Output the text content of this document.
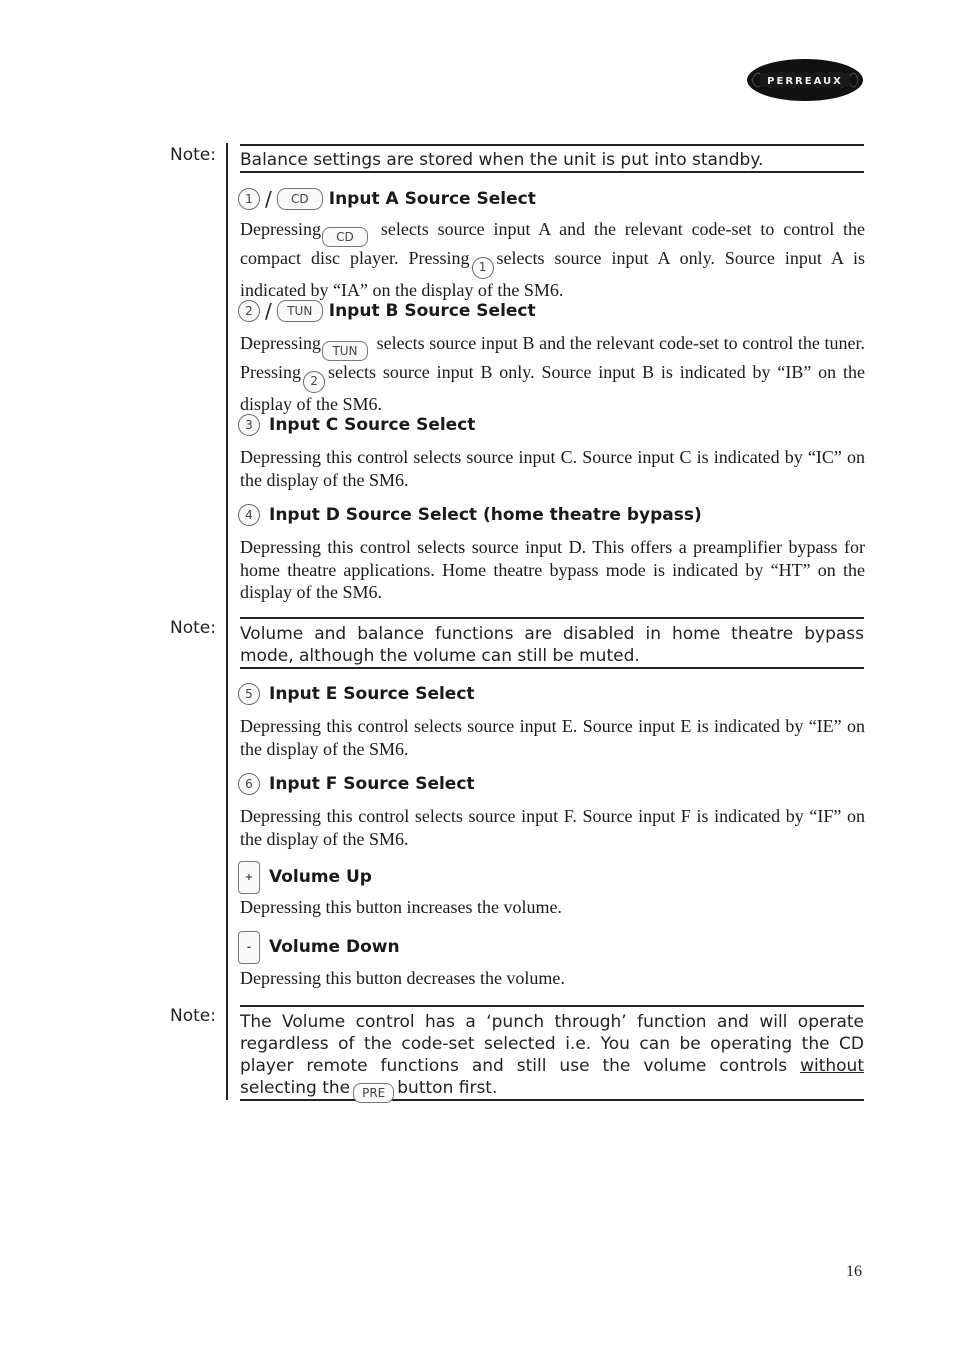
PERREAUX
Note: Balance settings are stored when the unit is put into standby.
1 /	CD	Input A Source Select
Depressing CD selects source input A and the relevant code-set to control the compact disc player. Pressing 1 selects source input A only. Source input A is indicated by “IA” on the display of the SM6.
2 /	TUN Input B Source Select
Depressing TUN selects source input B and the relevant code-set to control the tuner. Pressing 2 selects source input B only. Source input B is indicated by “IB” on the display of the SM6.
3 Input C Source Select
Depressing this control selects source input C. Source input C is indicated by “IC” on the display of the SM6.
4 Input D Source Select (home theatre bypass)
Depressing this control selects source input D. This offers a preamplifier bypass for home theatre applications. Home theatre bypass mode is indicated by “HT” on the display of the SM6.
Note: Volume and balance functions are disabled in home theatre bypass mode, although the volume can still be muted.
5 Input E Source Select
Depressing this control selects source input E. Source input E is indicated by “IE” on the display of the SM6.
6 Input F Source Select
Depressing this control selects source input F. Source input F is indicated by “IF” on the display of the SM6.
+ Volume Up
Depressing this button increases the volume.
-	Volume Down
Depressing this button decreases the volume.
Note: The Volume control has a ‘punch through’ function and will operate regardless of the code-set selected i.e. You can be operating the CD player remote functions and still use the volume controls without selecting the PRE button first.
16
